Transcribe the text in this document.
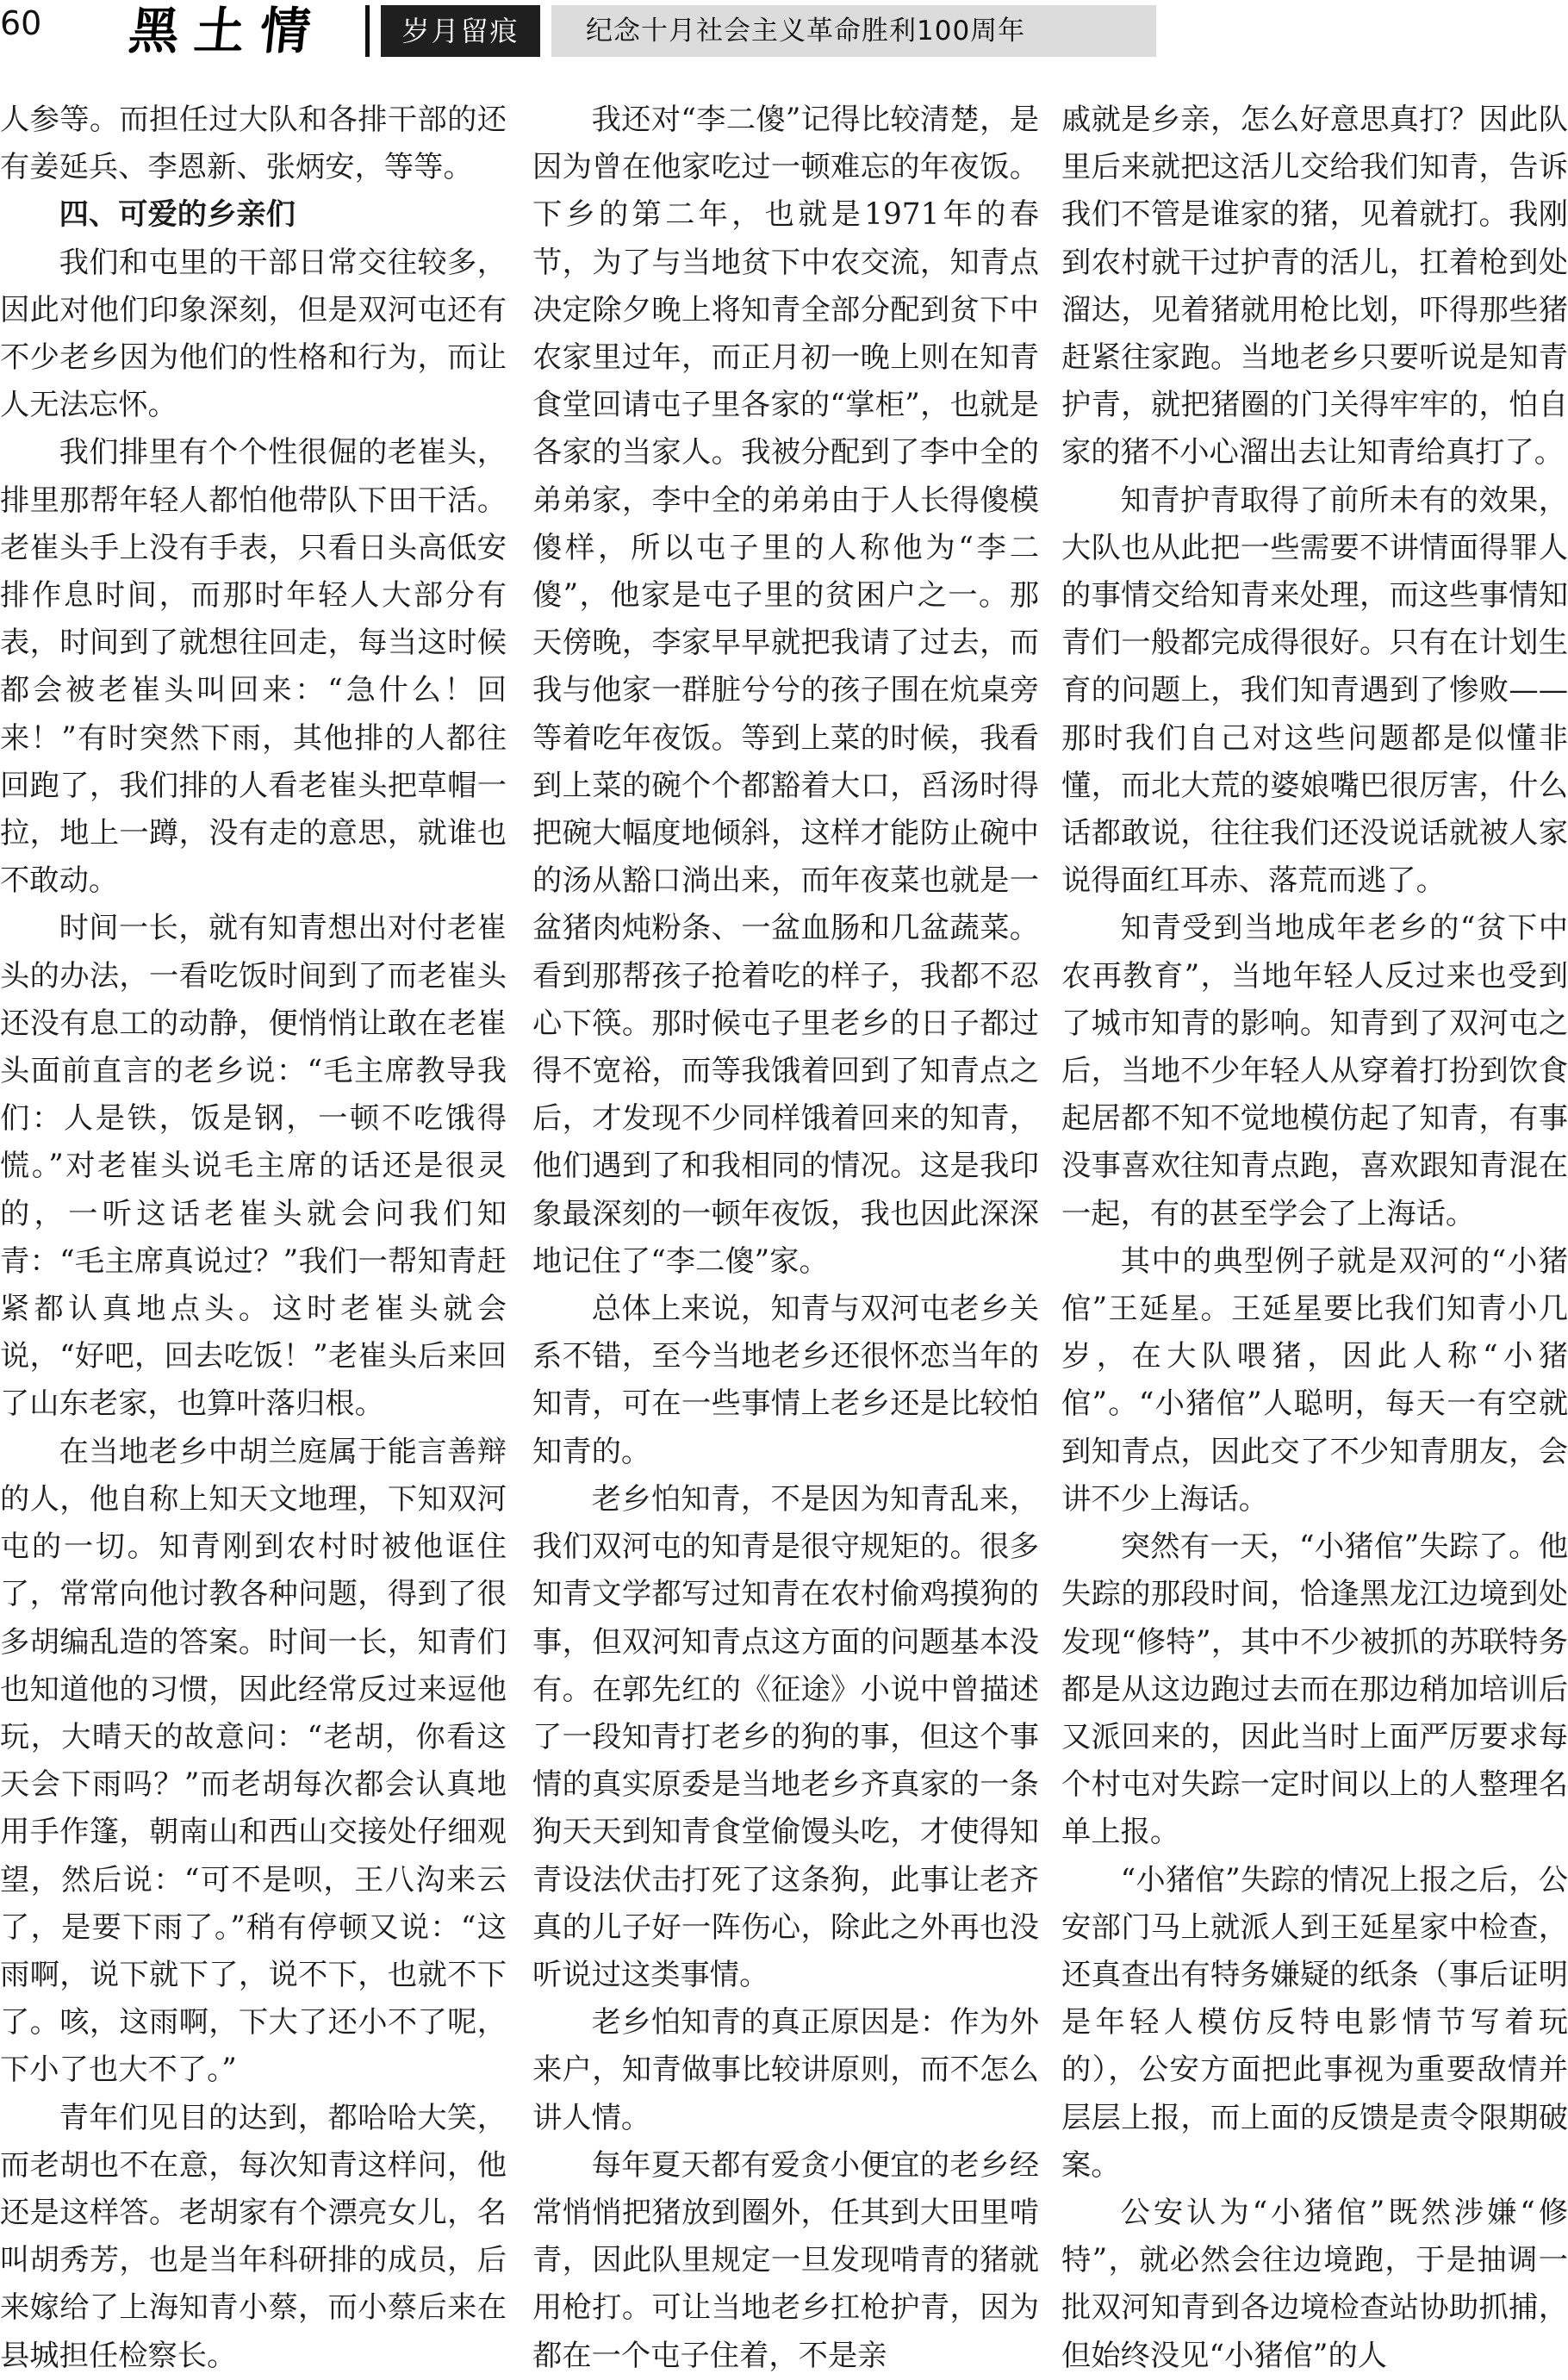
60 黑土情	岁月留痕	纪念十月社会主义革命胜利100周年

人参等。而担任过大队和各排干部的还有姜延兵、李恩新、张炳安，等等。

四、可爱的乡亲们

我们和屯里的干部日常交往较多，因此对他们印象深刻，但是双河屯还有不少老乡因为他们的性格和行为，而让人无法忘怀。

我们排里有个个性很倔的老崔头，排里那帮年轻人都怕他带队下田干活。老崔头手上没有手表，只看日头高低安排作息时间，而那时年轻人大部分有表，时间到了就想往回走，每当这时候都会被老崔头叫回来：“急什么！回来！”有时突然下雨，其他排的人都往回跑了，我们排的人看老崔头把草帽一拉，地上一蹲，没有走的意思，就谁也不敢动。

时间一长，就有知青想出对付老崔头的办法，一看吃饭时间到了而老崔头还没有息工的动静，便悄悄让敢在老崔头面前直言的老乡说：“毛主席教导我们：人是铁，饭是钢，一顿不吃饿得慌。”对老崔头说毛主席的话还是很灵的，一听这话老崔头就会问我们知青：“毛主席真说过？”我们一帮知青赶紧都认真地点头。这时老崔头就会说，“好吧，回去吃饭！”老崔头后来回了山东老家，也算叶落归根。

在当地老乡中胡兰庭属于能言善辩的人，他自称上知天文地理，下知双河屯的一切。知青刚到农村时被他诓住了，常常向他讨教各种问题，得到了很多胡编乱造的答案。时间一长，知青们也知道他的习惯，因此经常反过来逗他玩，大晴天的故意问：“老胡，你看这天会下雨吗？”而老胡每次都会认真地用手作篷，朝南山和西山交接处仔细观望，然后说：“可不是呗，王八沟来云了，是要下雨了。”稍有停顿又说：“这雨啊，说下就下了，说不下，也就不下了。咳，这雨啊，下大了还小不了呢，下小了也大不了。”

青年们见目的达到，都哈哈大笑，而老胡也不在意，每次知青这样问，他还是这样答。老胡家有个漂亮女儿，名叫胡秀芳，也是当年科研排的成员，后来嫁给了上海知青小蔡，而小蔡后来在县城担任检察长。

我还对“李二傻”记得比较清楚，是因为曾在他家吃过一顿难忘的年夜饭。下乡的第二年，也就是1971年的春节，为了与当地贫下中农交流，知青点决定除夕晚上将知青全部分配到贫下中农家里过年，而正月初一晚上则在知青食堂回请屯子里各家的“掌柜”，也就是各家的当家人。我被分配到了李中全的弟弟家，李中全的弟弟由于人长得傻模傻样，所以屯子里的人称他为“李二傻”，他家是屯子里的贫困户之一。那天傍晚，李家早早就把我请了过去，而我与他家一群脏兮兮的孩子围在炕桌旁等着吃年夜饭。等到上菜的时候，我看到上菜的碗个个都豁着大口，舀汤时得把碗大幅度地倾斜，这样才能防止碗中的汤从豁口淌出来，而年夜菜也就是一盆猪肉炖粉条、一盆血肠和几盆蔬菜。看到那帮孩子抢着吃的样子，我都不忍心下筷。那时候屯子里老乡的日子都过得不宽裕，而等我饿着回到了知青点之后，才发现不少同样饿着回来的知青，他们遇到了和我相同的情况。这是我印象最深刻的一顿年夜饭，我也因此深深地记住了“李二傻”家。

总体上来说，知青与双河屯老乡关系不错，至今当地老乡还很怀恋当年的知青，可在一些事情上老乡还是比较怕知青的。

老乡怕知青，不是因为知青乱来，我们双河屯的知青是很守规矩的。很多知青文学都写过知青在农村偷鸡摸狗的事，但双河知青点这方面的问题基本没有。在郭先红的《征途》小说中曾描述了一段知青打老乡的狗的事，但这个事情的真实原委是当地老乡齐真家的一条狗天天到知青食堂偷馒头吃，才使得知青设法伏击打死了这条狗，此事让老齐真的儿子好一阵伤心，除此之外再也没听说过这类事情。

老乡怕知青的真正原因是：作为外来户，知青做事比较讲原则，而不怎么讲人情。

每年夏天都有爱贪小便宜的老乡经常悄悄把猪放到圈外，任其到大田里啃青，因此队里规定一旦发现啃青的猪就用枪打。可让当地老乡扛枪护青，因为都在一个屯子住着，不是亲

戚就是乡亲，怎么好意思真打？因此队里后来就把这活儿交给我们知青，告诉我们不管是谁家的猪，见着就打。我刚到农村就干过护青的活儿，扛着枪到处溜达，见着猪就用枪比划，吓得那些猪赶紧往家跑。当地老乡只要听说是知青护青，就把猪圈的门关得牢牢的，怕自家的猪不小心溜出去让知青给真打了。

知青护青取得了前所未有的效果，大队也从此把一些需要不讲情面得罪人的事情交给知青来处理，而这些事情知青们一般都完成得很好。只有在计划生育的问题上，我们知青遇到了惨败——那时我们自己对这些问题都是似懂非懂，而北大荒的婆娘嘴巴很厉害，什么话都敢说，往往我们还没说话就被人家说得面红耳赤、落荒而逃了。

知青受到当地成年老乡的“贫下中农再教育”，当地年轻人反过来也受到了城市知青的影响。知青到了双河屯之后，当地不少年轻人从穿着打扮到饮食起居都不知不觉地模仿起了知青，有事没事喜欢往知青点跑，喜欢跟知青混在一起，有的甚至学会了上海话。

其中的典型例子就是双河的“小猪倌”王延星。王延星要比我们知青小几岁，在大队喂猪，因此人称“小猪倌”。“小猪倌”人聪明，每天一有空就到知青点，因此交了不少知青朋友，会讲不少上海话。

突然有一天，“小猪倌”失踪了。他失踪的那段时间，恰逢黑龙江边境到处发现“修特”，其中不少被抓的苏联特务都是从这边跑过去而在那边稍加培训后又派回来的，因此当时上面严厉要求每个村屯对失踪一定时间以上的人整理名单上报。

“小猪倌”失踪的情况上报之后，公安部门马上就派人到王延星家中检查，还真查出有特务嫌疑的纸条（事后证明是年轻人模仿反特电影情节写着玩的），公安方面把此事视为重要敌情并层层上报，而上面的反馈是责令限期破案。

公安认为“小猪倌”既然涉嫌“修特”，就必然会往边境跑，于是抽调一批双河知青到各边境检查站协助抓捕，但始终没见“小猪倌”的人
